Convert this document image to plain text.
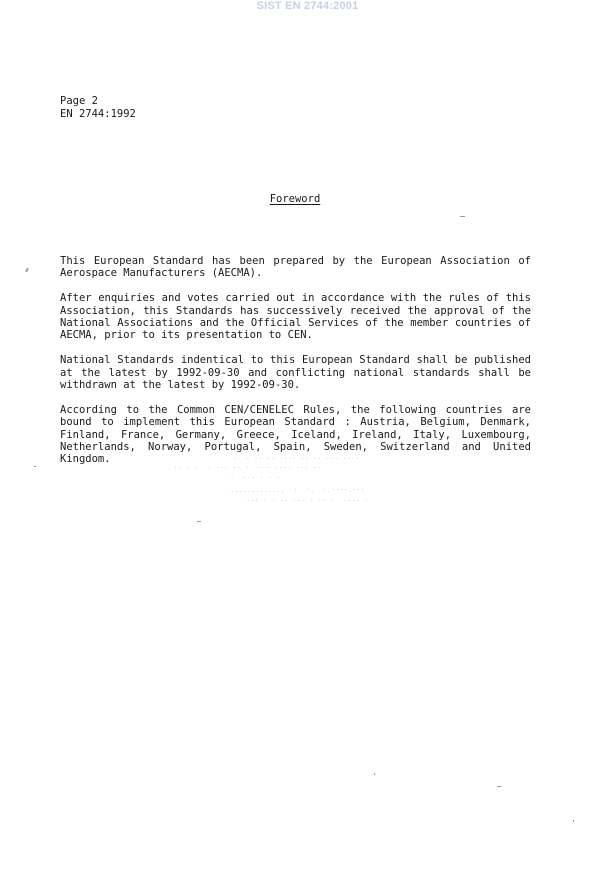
SIST EN 2744:2001
Page 2
EN 2744:1992
Foreword

This European Standard has been prepared by the European Association of Aerospace Manufacturers (AECMA).

After enquiries and votes carried out in accordance with the rules of this Association, this Standards has successively received the approval of the National Associations and the Official Services of the member countries of AECMA, prior to its presentation to CEN.

National Standards indentical to this European Standard shall be published at the latest by 1992-09-30 and conflicting national standards shall be withdrawn at the latest by 1992-09-30.

According to the Common CEN/CENELEC Rules, the following countries are bound to implement this European Standard : Austria, Belgium, Denmark, Finland, France, Germany, Greece, Iceland, Ireland, Italy, Luxembourg, Netherlands, Norway, Portugal, Spain, Sweden, Switzerland and United Kingdom.	·  · ·· ·· ···· ·· ·· ··· ····
·· · ·  · ··· ·· ·  ··· ···· ··· ··
·  ··· · · ·
.............  ·  ·.  ·.····.···
··· · · ·· ··· · ·· ·  ···· ·
